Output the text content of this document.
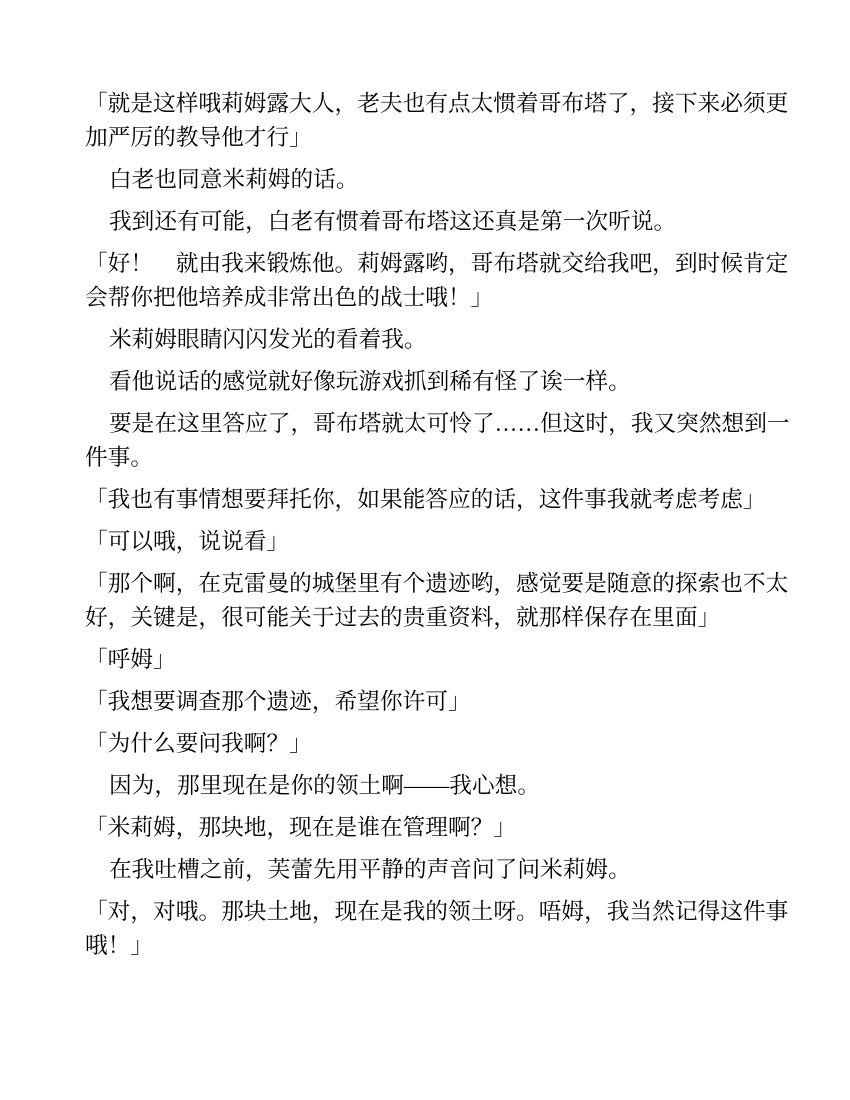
「就是这样哦莉姆露大人，老夫也有点太惯着哥布塔了，接下来必须更
加严厉的教导他才行」

白老也同意米莉姆的话。

我到还有可能，白老有惯着哥布塔这还真是第一次听说。

「好！　就由我来锻炼他。莉姆露哟，哥布塔就交给我吧，到时候肯定
会帮你把他培养成非常出色的战士哦！」

米莉姆眼睛闪闪发光的看着我。

看他说话的感觉就好像玩游戏抓到稀有怪了诶一样。

要是在这里答应了，哥布塔就太可怜了……但这时，我又突然想到一
件事。

「我也有事情想要拜托你，如果能答应的话，这件事我就考虑考虑」

「可以哦，说说看」

「那个啊，在克雷曼的城堡里有个遗迹哟，感觉要是随意的探索也不太
好，关键是，很可能关于过去的贵重资料，就那样保存在里面」

「呼姆」

「我想要调查那个遗迹，希望你许可」

「为什么要问我啊？」

因为，那里现在是你的领土啊——我心想。

「米莉姆，那块地，现在是谁在管理啊？」

在我吐槽之前，芙蕾先用平静的声音问了问米莉姆。

「对，对哦。那块土地，现在是我的领土呀。唔姆，我当然记得这件事
哦！」
